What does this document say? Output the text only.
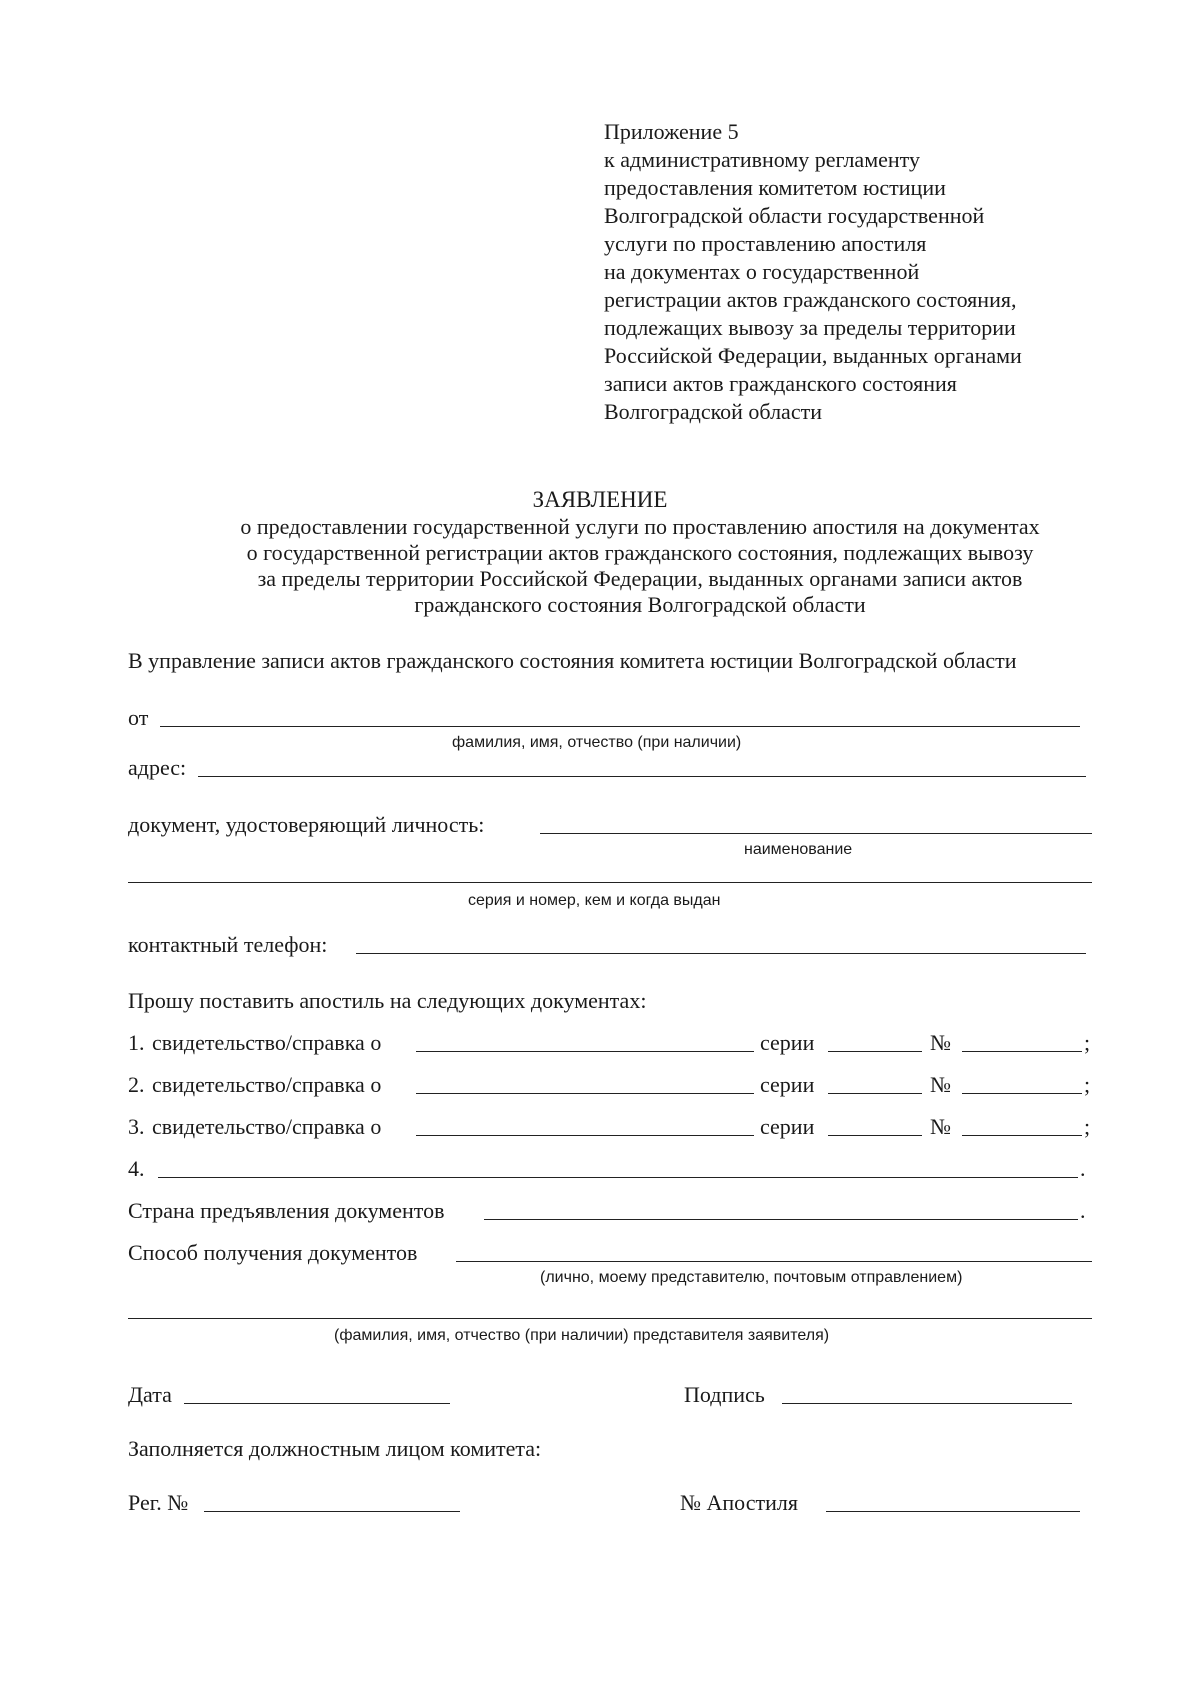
Приложение 5
к административному регламенту
предоставления комитетом юстиции
Волгоградской области государственной
услуги по проставлению апостиля
на документах о государственной
регистрации актов гражданского состояния,
подлежащих вывозу за пределы территории
Российской Федерации, выданных органами
записи актов гражданского состояния
Волгоградской области
ЗАЯВЛЕНИЕ
о предоставлении государственной услуги по проставлению апостиля на документах
о государственной регистрации актов гражданского состояния, подлежащих вывозу
за пределы территории Российской Федерации, выданных органами записи актов
гражданского состояния Волгоградской области
В управление записи актов гражданского состояния комитета юстиции Волгоградской области
от
фамилия, имя, отчество (при наличии)
адрес:
документ, удостоверяющий личность:
наименование
серия и номер, кем и когда выдан
контактный телефон:
Прошу поставить апостиль на следующих документах:
1. свидетельство/справка о	серии	№	;
2. свидетельство/справка о	серии	№	;
3. свидетельство/справка о	серии	№	;
4.	.
Страна предъявления документов	.
Способ получения документов
(лично, моему представителю, почтовым отправлением)
(фамилия, имя, отчество (при наличии) представителя заявителя)
Дата	Подпись
Заполняется должностным лицом комитета:
Рег. №	№ Апостиля
